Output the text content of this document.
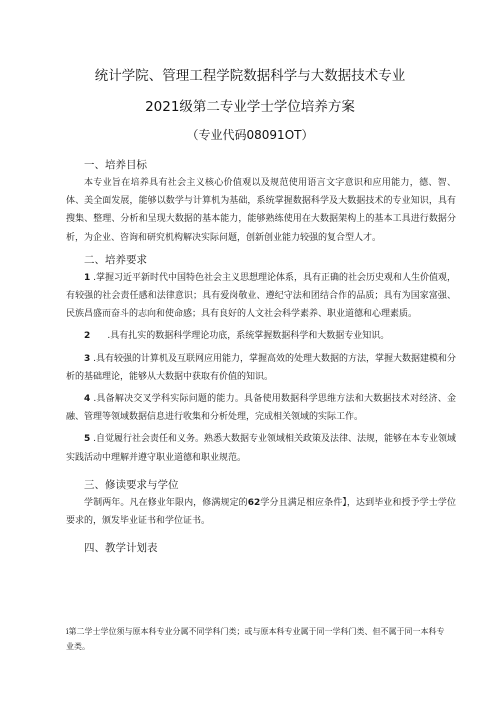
统计学院、管理工程学院数据科学与大数据技术专业
2021级第二专业学士学位培养方案
（专业代码08091OT）

一、培养目标

本专业旨在培养具有社会主义核心价值观以及规范使用语言文字意识和应用能力，德、智、体、美全面发展，能够以数学与计算机为基础，系统掌握数据科学及大数据技术的专业知识，具有搜集、整理、分析和呈现大数据的基本能力，能够熟练使用在大数据架构上的基本工具进行数据分析，为企业、咨询和研究机构解决实际问题，创新创业能力较强的复合型人才。

二、培养要求

1 .掌握习近平新时代中国特色社会主义思想理论体系，具有正确的社会历史观和人生价值观，有较强的社会责任感和法律意识；具有爱岗敬业、遵纪守法和团结合作的品质；具有为国家富强、民族昌盛而奋斗的志向和使命感；具有良好的人文社会科学素养、职业道德和心理素质。

2      .具有扎实的数据科学理论功底，系统掌握数据科学和大数据专业知识。

3 .具有较强的计算机及互联网应用能力，掌握高效的处理大数据的方法，掌握大数据建模和分析的基础理论，能够从大数据中获取有价值的知识。

4 .具备解决交叉学科实际问题的能力。具备使用数据科学思维方法和大数据技术对经济、金融、管理等领域数据信息进行收集和分析处理，完成相关领域的实际工作。

5 .自觉履行社会责任和义务。熟悉大数据专业领域相关政策及法律、法规，能够在本专业领域实践活动中理解并遵守职业道德和职业规范。

三、修读要求与学位

学制两年。凡在修业年限内，修满规定的62学分且满足相应条件】，达到毕业和授予学士学位要求的，颁发毕业证书和学位证书。

四、教学计划表

i第二学士学位须与原本科专业分属不同学科门类；或与原本科专业属于同一学科门类、但不属于同一本科专业类。
